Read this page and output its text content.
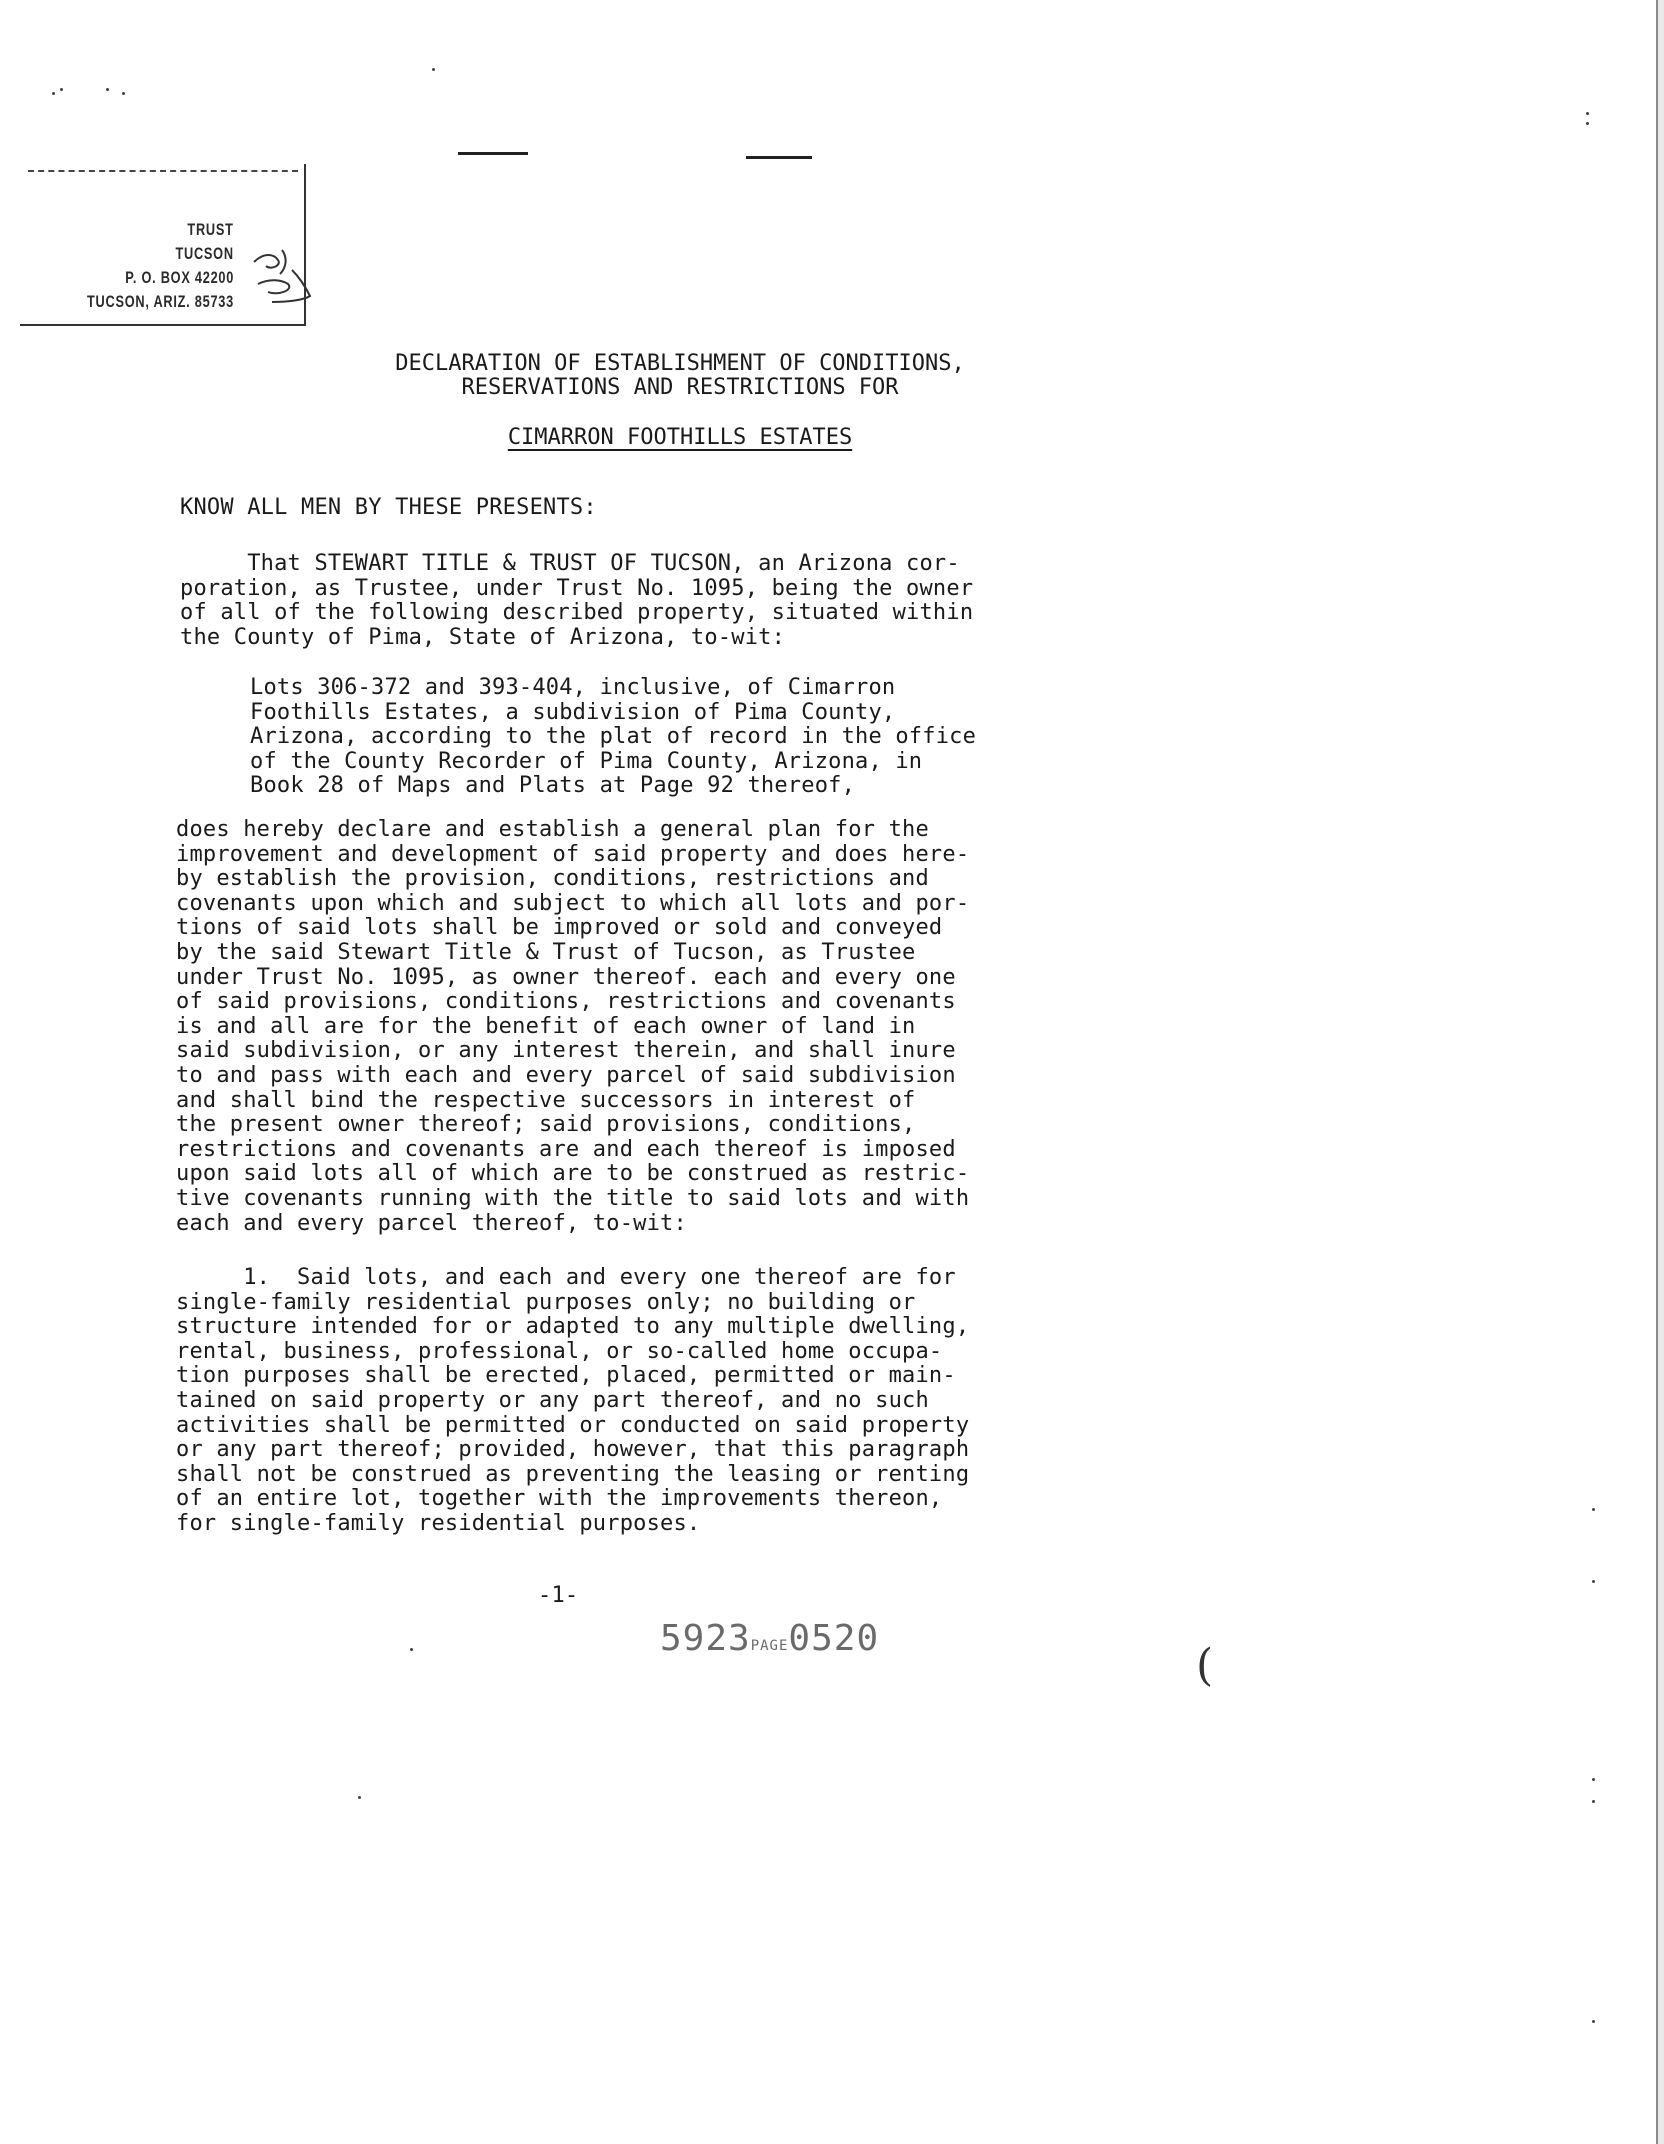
TRUST
TUCSON
P. O. BOX 42200
TUCSON, ARIZ. 85733
DECLARATION OF ESTABLISHMENT OF CONDITIONS,
RESERVATIONS AND RESTRICTIONS FOR
CIMARRON FOOTHILLS ESTATES
KNOW ALL MEN BY THESE PRESENTS:
That STEWART TITLE & TRUST OF TUCSON, an Arizona cor-
poration, as Trustee, under Trust No. 1095, being the owner
of all of the following described property, situated within
the County of Pima, State of Arizona, to-wit:
Lots 306-372 and 393-404, inclusive, of Cimarron
Foothills Estates, a subdivision of Pima County,
Arizona, according to the plat of record in the office
of the County Recorder of Pima County, Arizona, in
Book 28 of Maps and Plats at Page 92 thereof,
does hereby declare and establish a general plan for the
improvement and development of said property and does here-
by establish the provision, conditions, restrictions and
covenants upon which and subject to which all lots and por-
tions of said lots shall be improved or sold and conveyed
by the said Stewart Title & Trust of Tucson, as Trustee
under Trust No. 1095, as owner thereof. each and every one
of said provisions, conditions, restrictions and covenants
is and all are for the benefit of each owner of land in
said subdivision, or any interest therein, and shall inure
to and pass with each and every parcel of said subdivision
and shall bind the respective successors in interest of
the present owner thereof; said provisions, conditions,
restrictions and covenants are and each thereof is imposed
upon said lots all of which are to be construed as restric-
tive covenants running with the title to said lots and with
each and every parcel thereof, to-wit:
1.  Said lots, and each and every one thereof are for
single-family residential purposes only; no building or
structure intended for or adapted to any multiple dwelling,
rental, business, professional, or so-called home occupa-
tion purposes shall be erected, placed, permitted or main-
tained on said property or any part thereof, and no such
activities shall be permitted or conducted on said property
or any part thereof; provided, however, that this paragraph
shall not be construed as preventing the leasing or renting
of an entire lot, together with the improvements thereon,
for single-family residential purposes.
-1-
5923PAGE0520
(
